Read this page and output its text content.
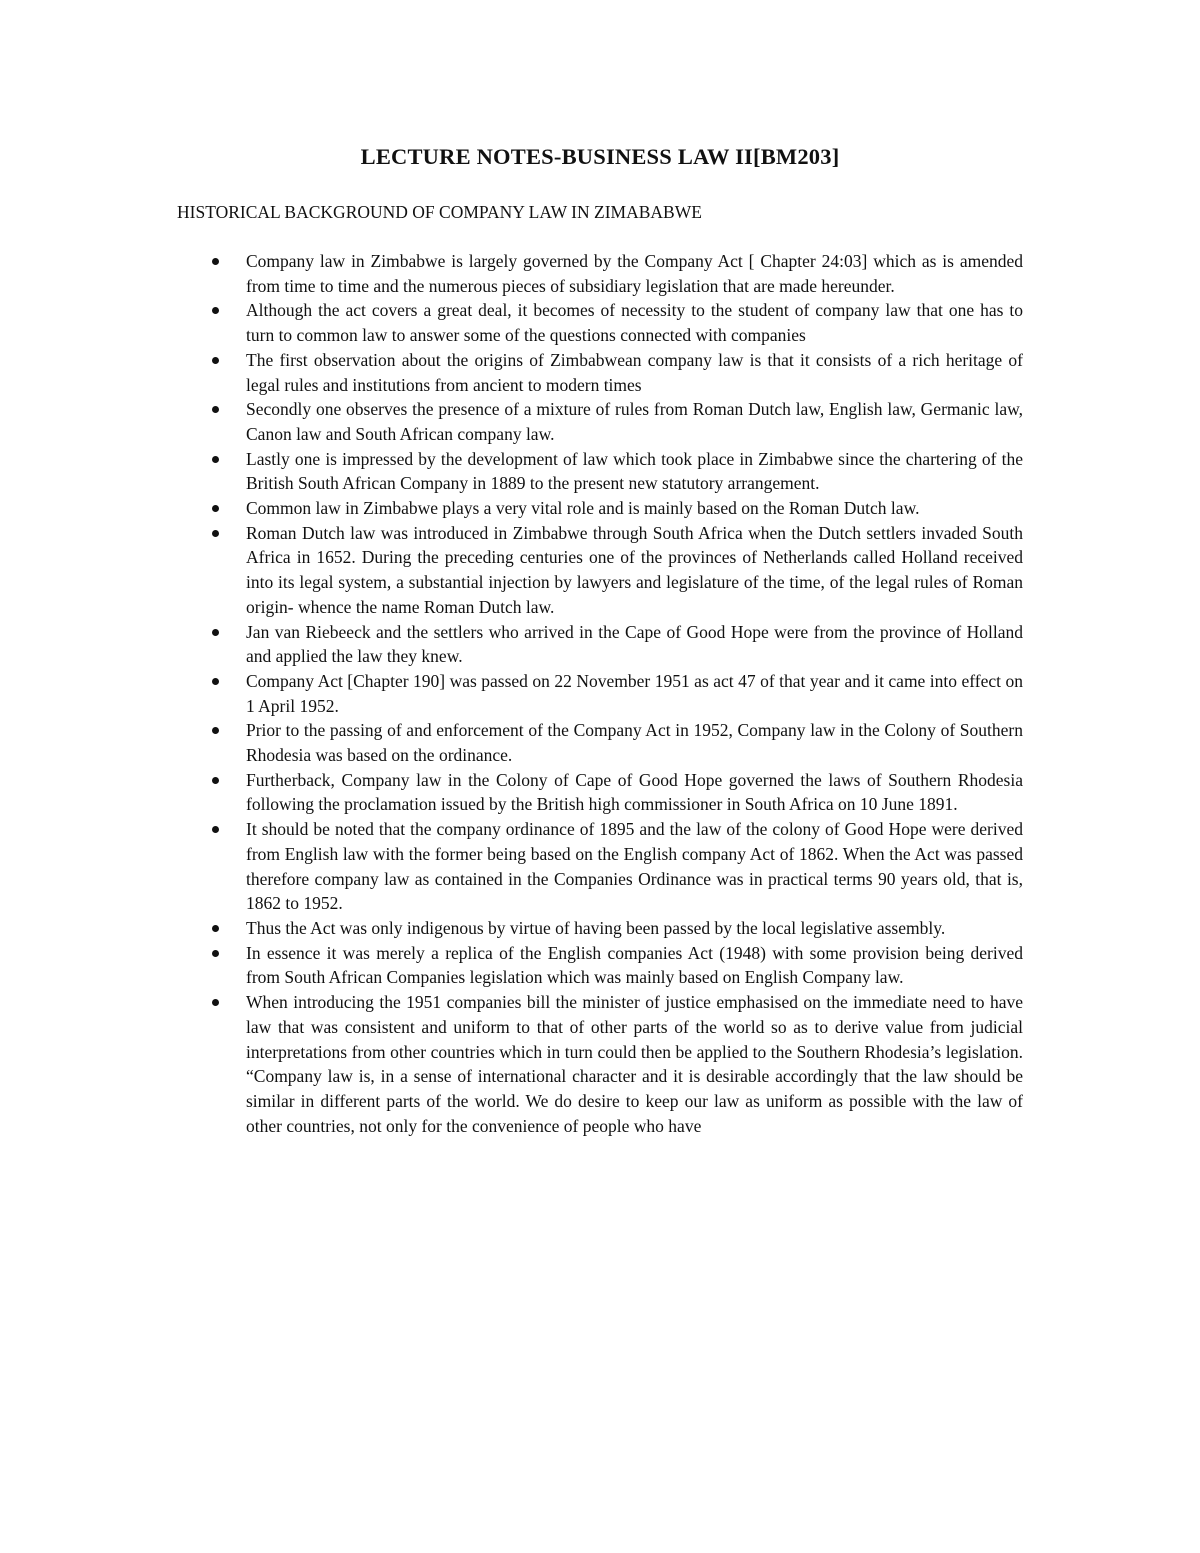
LECTURE NOTES-BUSINESS LAW II[BM203]

HISTORICAL BACKGROUND OF COMPANY LAW IN ZIMABABWE

Company law in Zimbabwe is largely governed by the Company Act [ Chapter 24:03] which as is amended from time to time and the numerous pieces of subsidiary legislation that are made hereunder.
Although the act covers a great deal, it becomes of necessity to the student of company law that one has to turn to common law to answer some of the questions connected with companies
The first observation about the origins of Zimbabwean company law is that it consists of a rich heritage of legal rules and institutions from ancient to modern times
Secondly one observes the presence of a mixture of rules from Roman Dutch law, English law, Germanic law, Canon law and South African company law.
Lastly one is impressed by the development of law which took place in Zimbabwe since the chartering of the British South African Company in 1889 to the present new statutory arrangement.
Common law in Zimbabwe plays a very vital role and is mainly based on the Roman Dutch law.
Roman Dutch law was introduced in Zimbabwe through South Africa when the Dutch settlers invaded South Africa in 1652. During the preceding centuries one of the provinces of Netherlands called Holland received into its legal system, a substantial injection by lawyers and legislature of the time, of the legal rules of Roman origin- whence the name Roman Dutch law.
Jan van Riebeeck and the settlers who arrived in the Cape of Good Hope were from the province of Holland and applied the law they knew.
Company Act [Chapter 190] was passed on 22 November 1951 as act 47 of that year and it came into effect on 1 April 1952.
Prior to the passing of and enforcement of the Company Act in 1952, Company law in the Colony of Southern Rhodesia was based on the ordinance.
Furtherback, Company law in the Colony of Cape of Good Hope governed the laws of Southern Rhodesia following the proclamation issued by the British high commissioner in South Africa on 10 June 1891.
It should be noted that the company ordinance of 1895 and the law of the colony of Good Hope were derived from English law with the former being based on the English company Act of 1862. When the Act was passed therefore company law as contained in the Companies Ordinance was in practical terms 90 years old, that is, 1862 to 1952.
Thus the Act was only indigenous by virtue of having been passed by the local legislative assembly.
In essence it was merely a replica of the English companies Act (1948) with some provision being derived from South African Companies legislation which was mainly based on English Company law.
When introducing the 1951 companies bill the minister of justice emphasised on the immediate need to have law that was consistent and uniform to that of other parts of the world so as to derive value from judicial interpretations from other countries which in turn could then be applied to the Southern Rhodesia’s legislation. “Company law is, in a sense of international character and it is desirable accordingly that the law should be similar in different parts of the world. We do desire to keep our law as uniform as possible with the law of other countries, not only for the convenience of people who have
